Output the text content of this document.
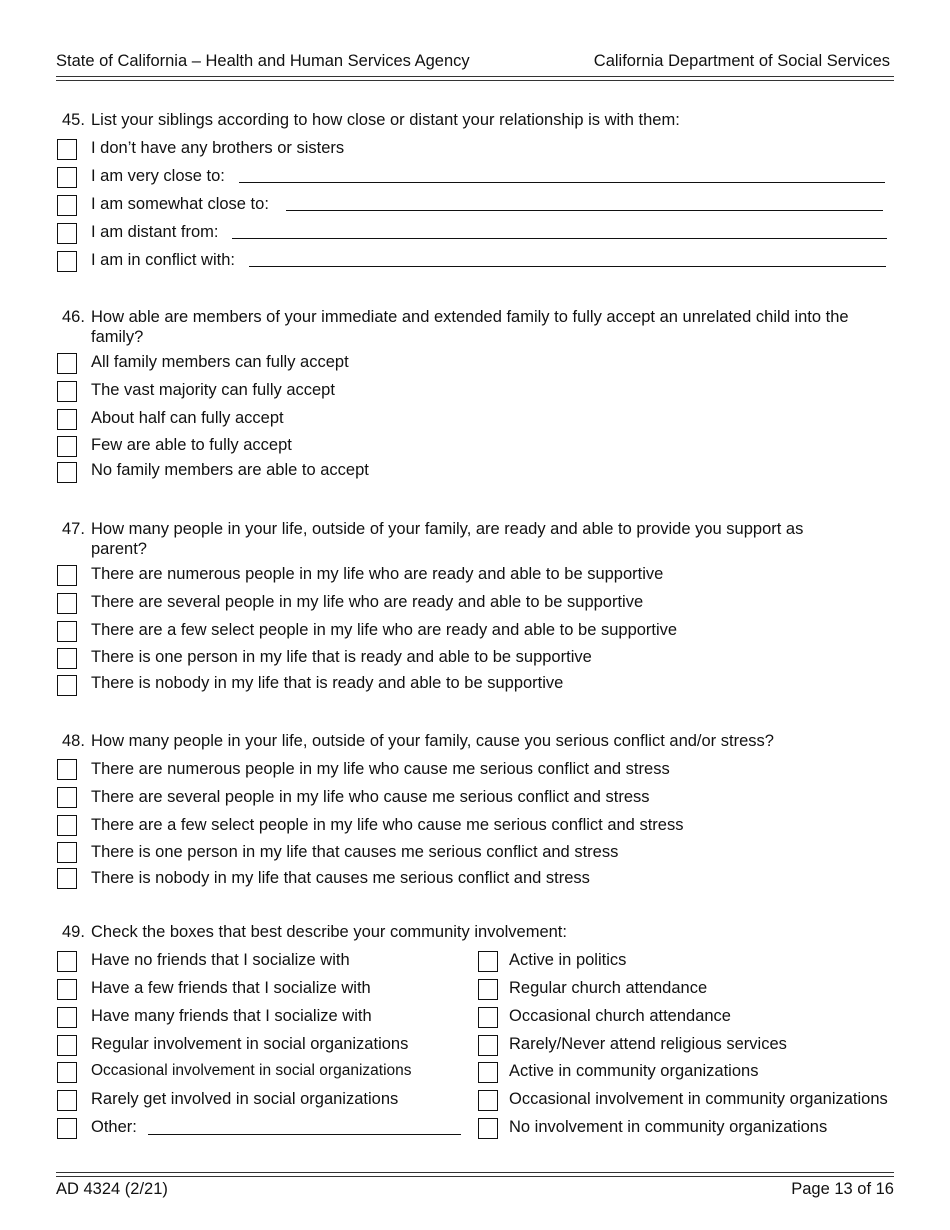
State of California – Health and Human Services Agency	California Department of Social Services
45. List your siblings according to how close or distant your relationship is with them:
I don’t have any brothers or sisters
I am very close to:
I am somewhat close to:
I am distant from:
I am in conflict with:
46. How able are members of your immediate and extended family to fully accept an unrelated child into the
family?
All family members can fully accept
The vast majority can fully accept
About half can fully accept
Few are able to fully accept
No family members are able to accept
47. How many people in your life, outside of your family, are ready and able to provide you support as
parent?
There are numerous people in my life who are ready and able to be supportive
There are several people in my life who are ready and able to be supportive
There are a few select people in my life who are ready and able to be supportive
There is one person in my life that is ready and able to be supportive
There is nobody in my life that is ready and able to be supportive
48. How many people in your life, outside of your family, cause you serious conflict and/or stress?
There are numerous people in my life who cause me serious conflict and stress
There are several people in my life who cause me serious conflict and stress
There are a few select people in my life who cause me serious conflict and stress
There is one person in my life that causes me serious conflict and stress
There is nobody in my life that causes me serious conflict and stress
49. Check the boxes that best describe your community involvement:
Have no friends that I socialize with
Have a few friends that I socialize with
Have many friends that I socialize with
Regular involvement in social organizations
Occasional involvement in social organizations
Rarely get involved in social organizations
Other:
Active in politics
Regular church attendance
Occasional church attendance
Rarely/Never attend religious services
Active in community organizations
Occasional involvement in community organizations
No involvement in community organizations
AD 4324 (2/21)	Page 13 of 16
